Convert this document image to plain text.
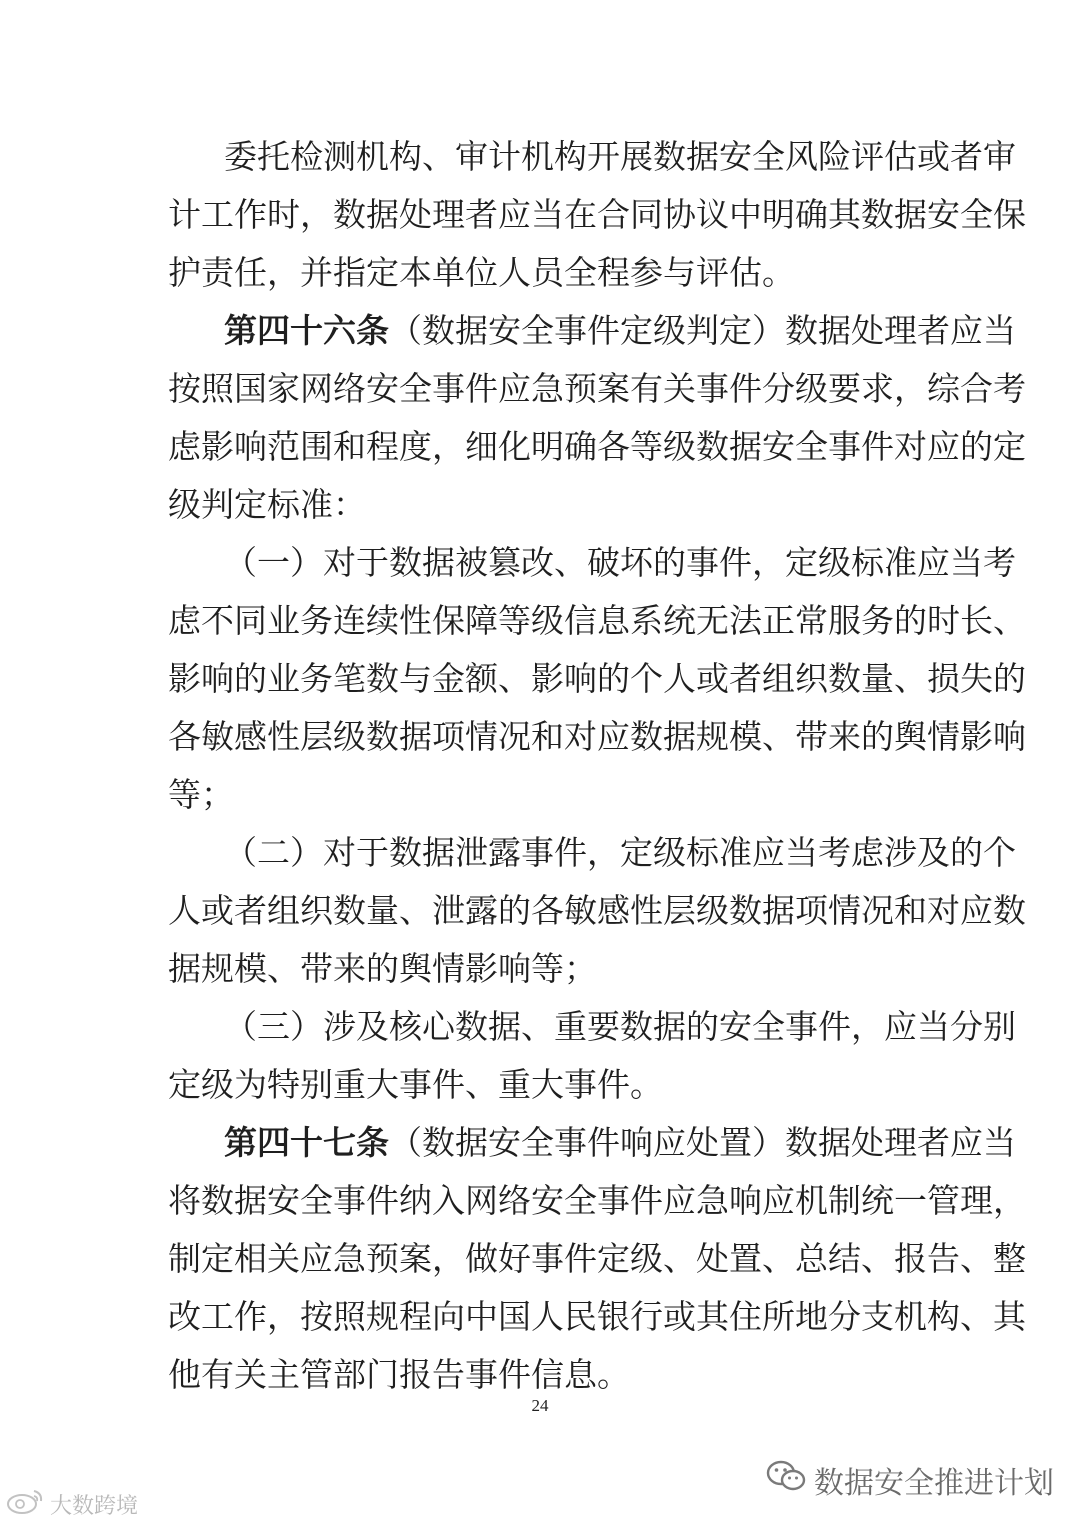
委托检测机构、审计机构开展数据安全风险评估或者审
计工作时，数据处理者应当在合同协议中明确其数据安全保
护责任，并指定本单位人员全程参与评估。
第四十六条 （数据安全事件定级判定）数据处理者应当
按照国家网络安全事件应急预案有关事件分级要求，综合考
虑影响范围和程度，细化明确各等级数据安全事件对应的定
级判定标准：
（一）对于数据被篡改、破坏的事件，定级标准应当考
虑不同业务连续性保障等级信息系统无法正常服务的时长、
影响的业务笔数与金额、影响的个人或者组织数量、损失的
各敏感性层级数据项情况和对应数据规模、带来的舆情影响
等；
（二）对于数据泄露事件，定级标准应当考虑涉及的个
人或者组织数量、泄露的各敏感性层级数据项情况和对应数
据规模、带来的舆情影响等；
（三）涉及核心数据、重要数据的安全事件，应当分别
定级为特别重大事件、重大事件。
第四十七条 （数据安全事件响应处置）数据处理者应当
将数据安全事件纳入网络安全事件应急响应机制统一管理，
制定相关应急预案，做好事件定级、处置、总结、报告、整
改工作，按照规程向中国人民银行或其住所地分支机构、其
他有关主管部门报告事件信息。
24
数据安全推进计划
大数跨境
